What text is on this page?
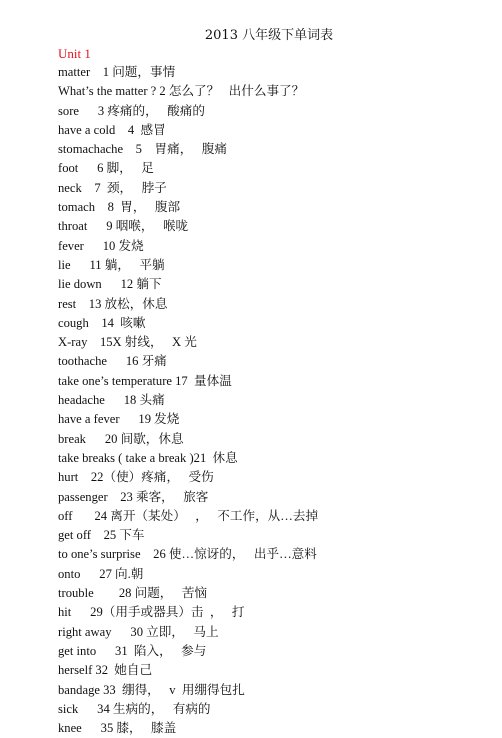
2013 八年级下单词表
Unit 1
matter    1 问题，事情
What’s the matter ? 2 怎么了？   出什么事了？
sore      3 疼痛的，   酸痛的
have a cold    4  感冒
stomachache    5    胃痛，   腹痛
foot      6 脚，   足
neck    7  颈，   脖子
tomach    8  胃，   腹部
throat      9 咽喉，   喉咙
fever      10 发烧
lie      11 躺，   平躺
lie down      12 躺下
rest    13 放松，休息
cough    14  咳嗽
X-ray    15X 射线，   X 光
toothache      16 牙痛
take one’s temperature 17  量体温
headache      18 头痛
have a fever      19 发烧
break      20 间歇，休息
take breaks ( take a break )21  休息
hurt    22（使）疼痛，   受伤
passenger    23 乘客，   旅客
off       24 离开（某处）   ，   不工作，从…去掉
get off    25 下车
to one’s surprise    26 使…惊讶的，   出乎…意料
onto      27 向.朝
trouble        28 问题，   苦恼
hit      29（用手或器具）击  ，   打
right away      30 立即，   马上
get into      31  陷入，   参与
herself 32  她自己
bandage 33  绷得，   v  用绷得包扎
sick      34 生病的，   有病的
knee      35 膝，   膝盖
